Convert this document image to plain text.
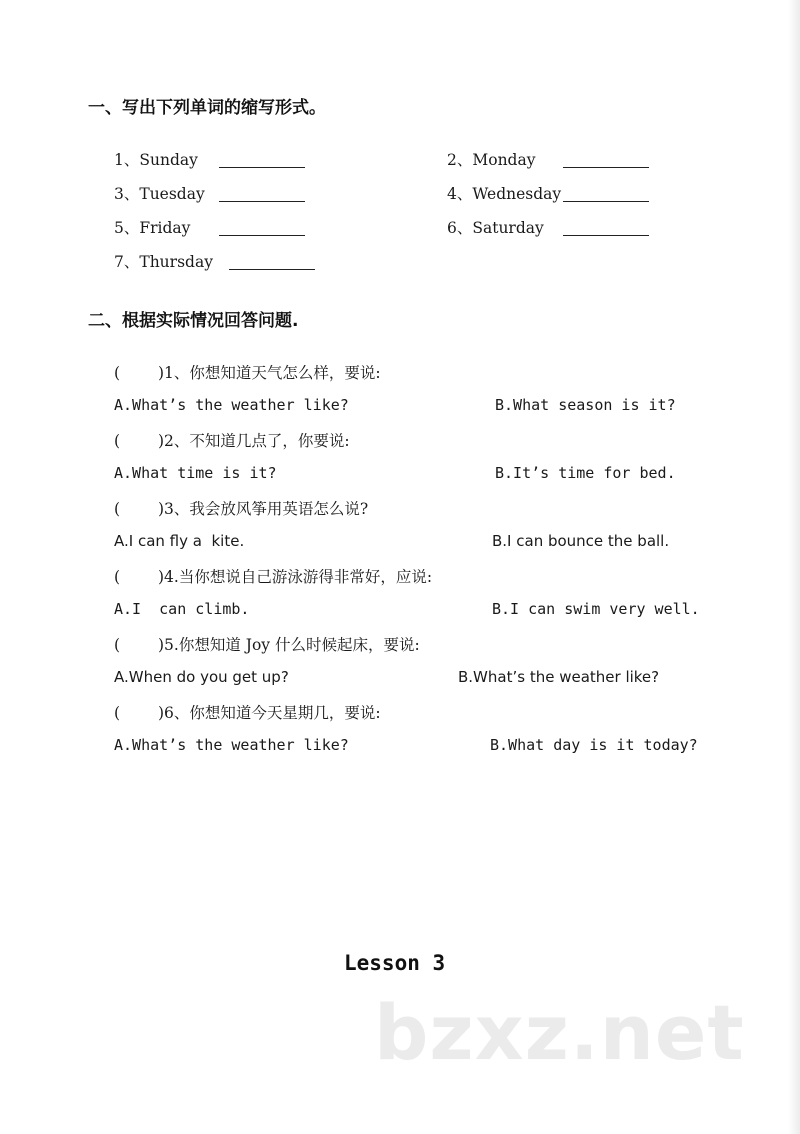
一、写出下列单词的缩写形式。
1、Sunday	2、Monday
3、Tuesday	4、Wednesday
5、Friday	6、Saturday
7、Thursday
二、根据实际情况回答问题.
( )1、你想知道天气怎么样，要说:
A.What’s the weather like?	B.What season is it?
( )2、不知道几点了，你要说:
A.What time is it?	B.It’s time for bed.
( )3、我会放风筝用英语怎么说?
A.I can fly a  kite.	B.I can bounce the ball.
( )4.当你想说自己游泳游得非常好，应说:
A.I  can climb.	B.I can swim very well.
( )5.你想知道 Joy 什么时候起床，要说:
A.When do you get up?	B.What’s the weather like?
( )6、你想知道今天星期几，要说:
A.What’s the weather like?	B.What day is it today?
Lesson 3
bzxz.net
